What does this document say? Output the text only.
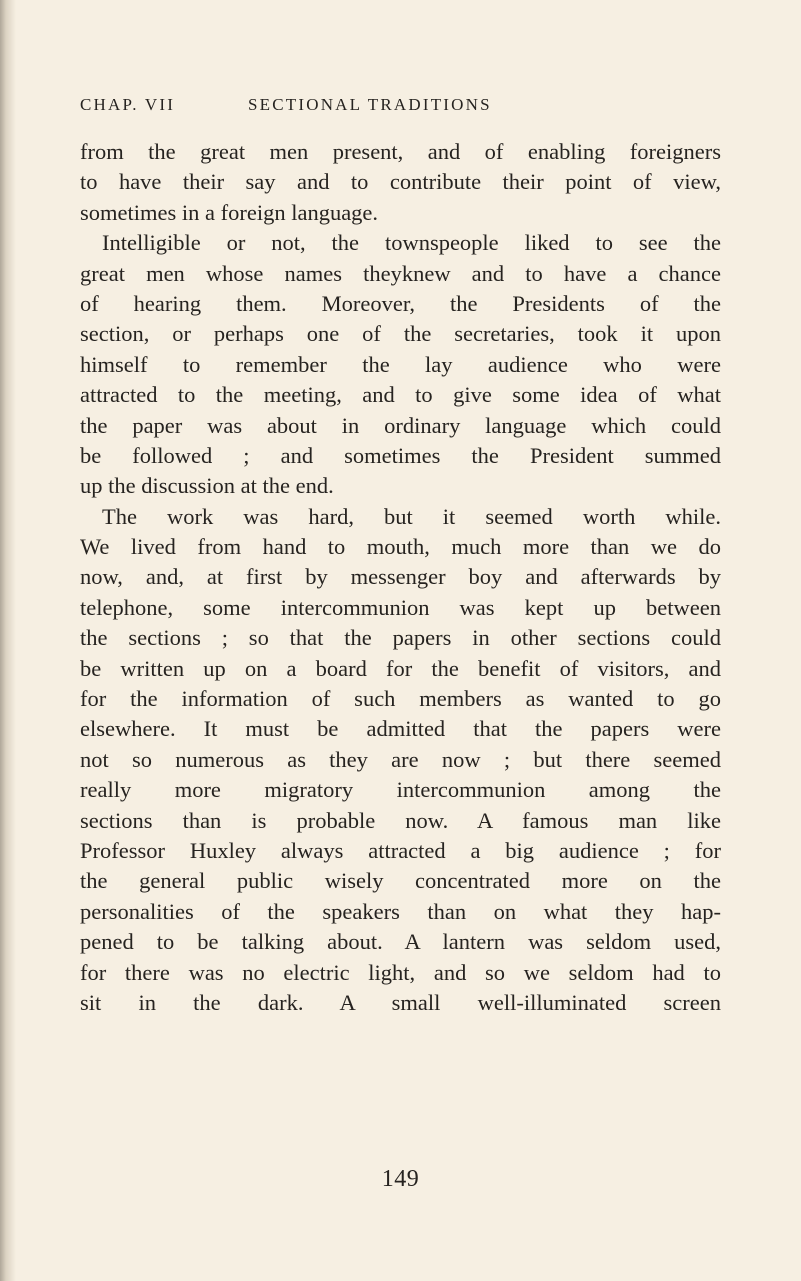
CHAP. VII	SECTIONAL TRADITIONS
from the great men present, and of enabling foreigners
to have their say and to contribute their point of view,
sometimes in a foreign language.
Intelligible or not, the townspeople liked to see the
great men whose names theyknew and to have a chance
of hearing them. Moreover, the Presidents of the
section, or perhaps one of the secretaries, took it upon
himself to remember the lay audience who were
attracted to the meeting, and to give some idea of what
the paper was about in ordinary language which could
be followed ; and sometimes the President summed
up the discussion at the end.
The work was hard, but it seemed worth while.
We lived from hand to mouth, much more than we do
now, and, at first by messenger boy and afterwards by
telephone, some intercommunion was kept up between
the sections ; so that the papers in other sections could
be written up on a board for the benefit of visitors, and
for the information of such members as wanted to go
elsewhere. It must be admitted that the papers were
not so numerous as they are now ; but there seemed
really more migratory intercommunion among the
sections than is probable now. A famous man like
Professor Huxley always attracted a big audience ; for
the general public wisely concentrated more on the
personalities of the speakers than on what they hap-
pened to be talking about. A lantern was seldom used,
for there was no electric light, and so we seldom had to
sit in the dark. A small well-illuminated screen
149
